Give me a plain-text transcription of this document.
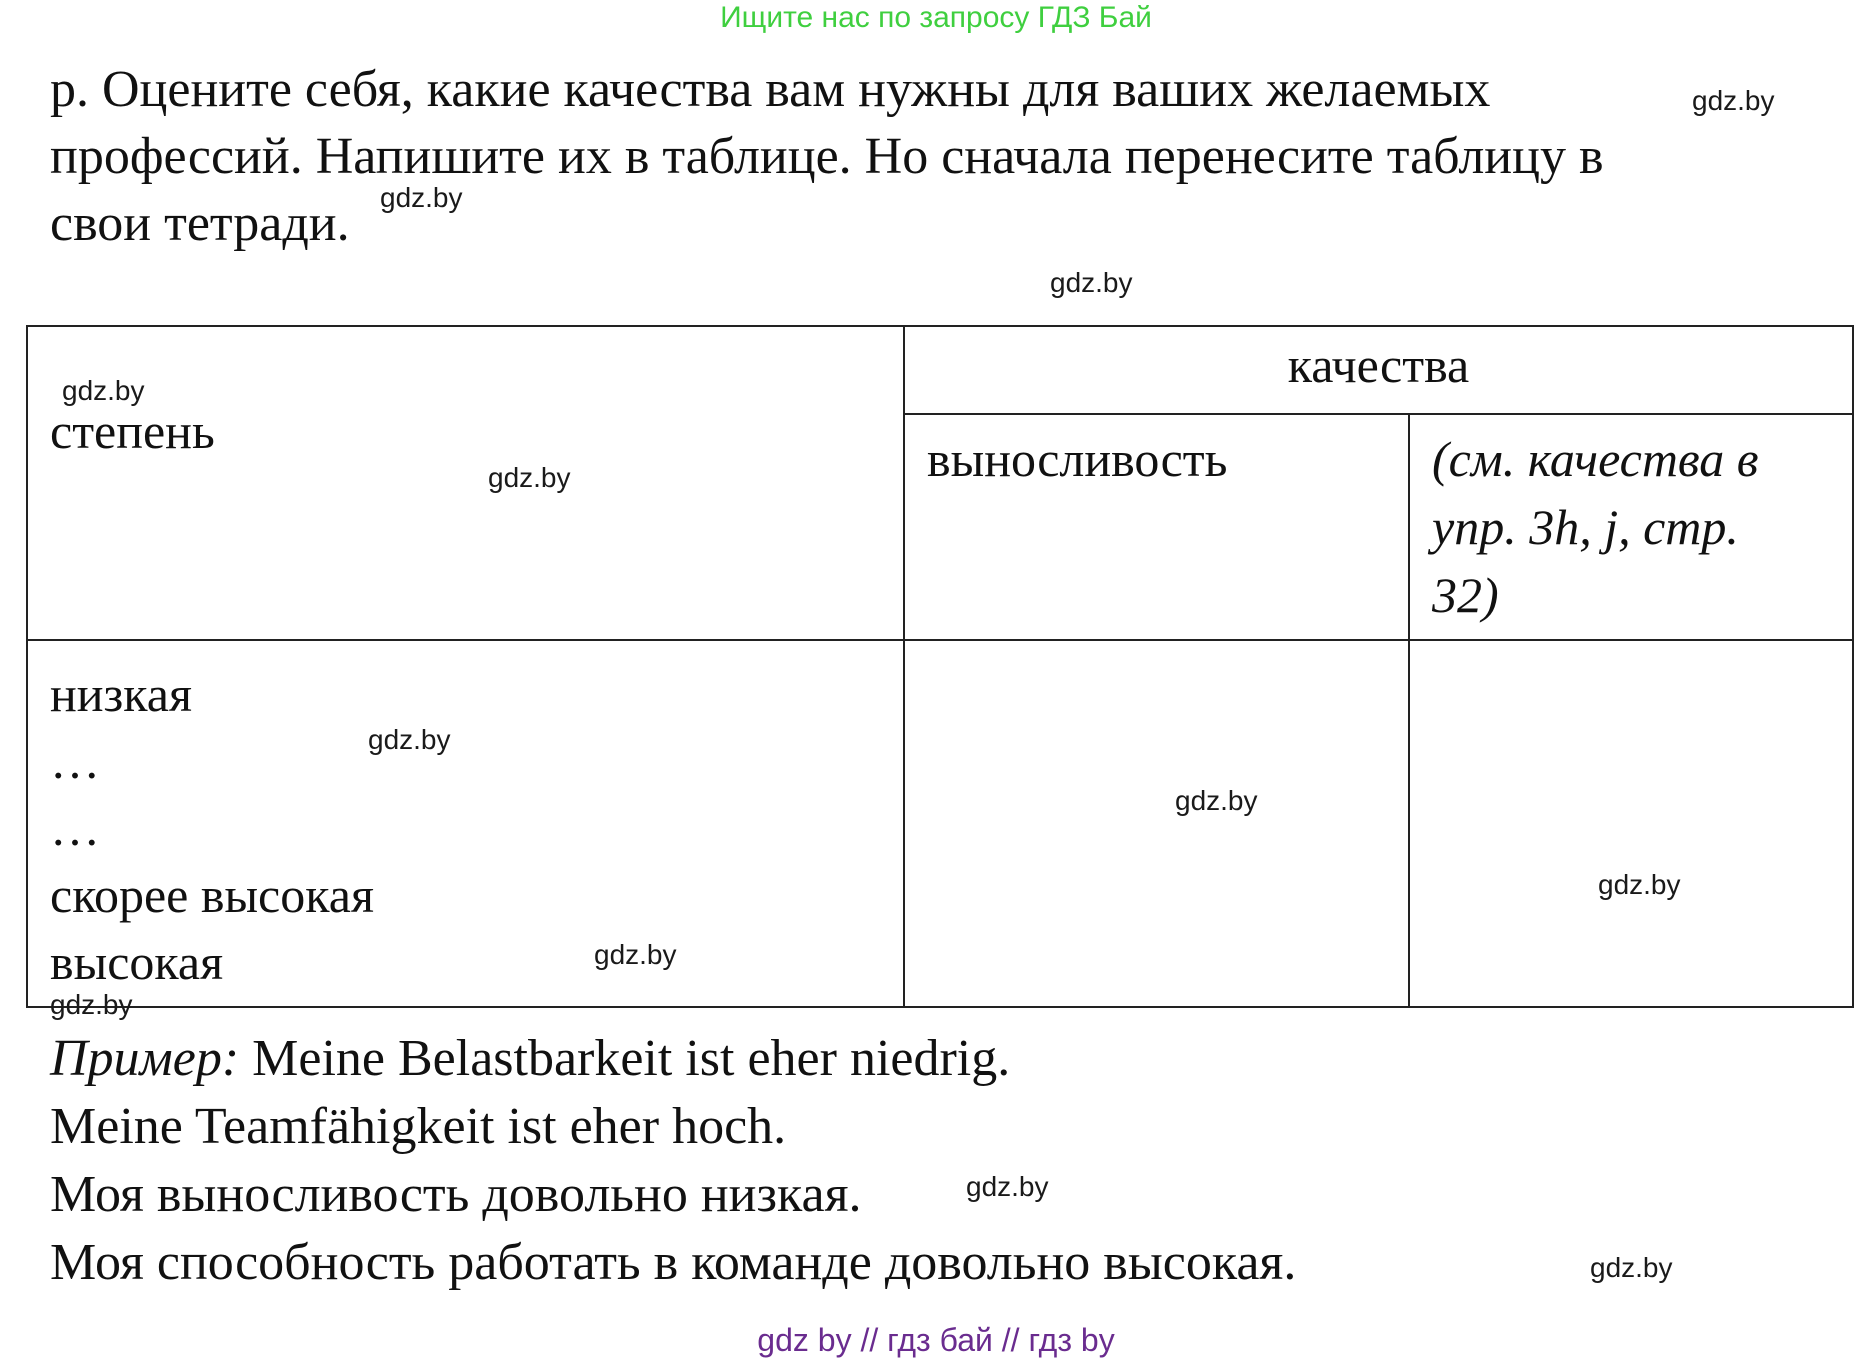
Ищите нас по запросу ГДЗ Бай

p. Оцените себя, какие качества вам нужны для ваших желаемых
профессий. Напишите их в таблице. Но сначала перенесите таблицу в
свои тетради.

степень	качества	

	выносливость	(см. качества в
упр. 3h, j, стр.
32)

низкая
…
…
скорее высокая
высокая		

Пример: Meine Belastbarkeit ist eher niedrig.
Meine Teamfähigkeit ist eher hoch.
Моя выносливость довольно низкая.
Моя способность работать в команде довольно высокая.

gdz.by
gdz.by
gdz.by
gdz.by
gdz.by
gdz.by
gdz.by
gdz.by
gdz.by
gdz.by
gdz.by
gdz.by
gdz by // гдз бай // гдз by
